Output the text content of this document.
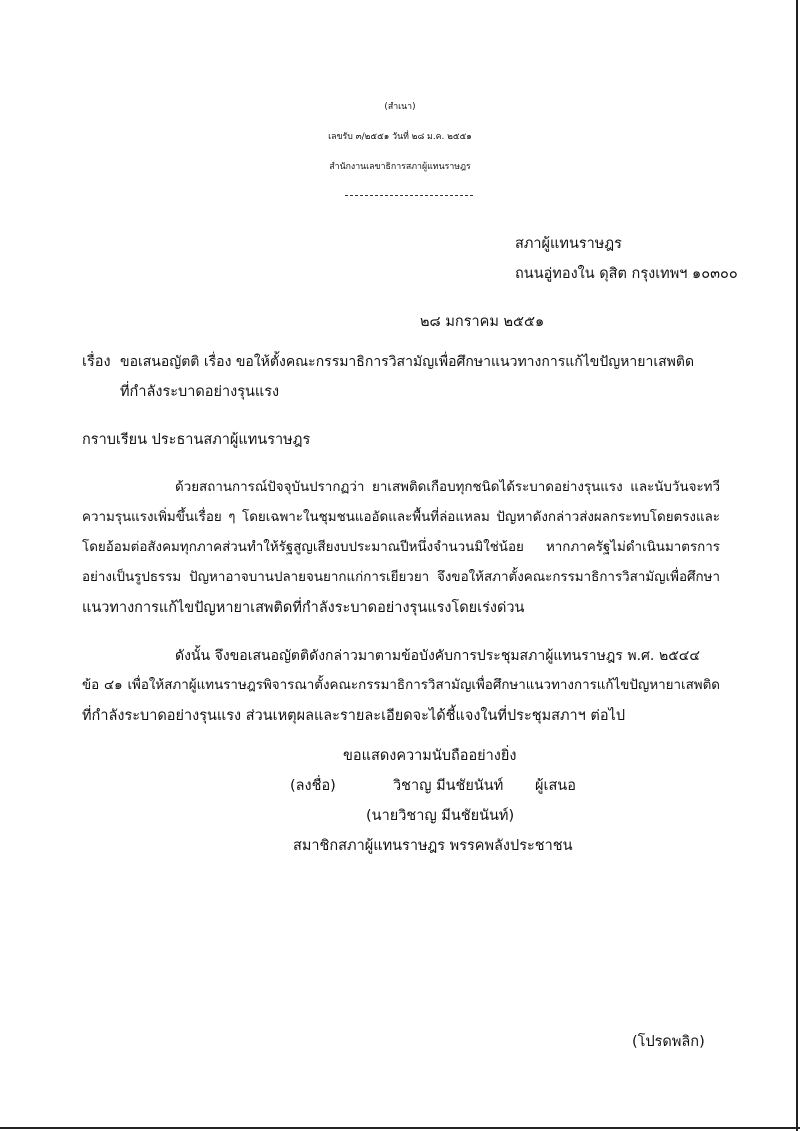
(สำเนา)
เลขรับ ๓/๒๕๕๑ วันที่ ๒๘ ม.ค. ๒๕๕๑
สำนักงานเลขาธิการสภาผู้แทนราษฎร
สภาผู้แทนราษฎร
ถนนอู่ทองใน ดุสิต กรุงเทพฯ ๑๐๓๐๐
๒๘ มกราคม ๒๕๕๑
เรื่อง ขอเสนอญัตติ เรื่อง ขอให้ตั้งคณะกรรมาธิการวิสามัญเพื่อศึกษาแนวทางการแก้ไขปัญหายาเสพติด
ที่กำลังระบาดอย่างรุนแรง
กราบเรียน ประธานสภาผู้แทนราษฎร
ด้วยสถานการณ์ปัจจุบันปรากฏว่า ยาเสพติดเกือบทุกชนิดได้ระบาดอย่างรุนแรง และนับวันจะทวี
ความรุนแรงเพิ่มขึ้นเรื่อย ๆ โดยเฉพาะในชุมชนแออัดและพื้นที่ล่อแหลม ปัญหาดังกล่าวส่งผลกระทบโดยตรงและ
โดยอ้อมต่อสังคมทุกภาคส่วนทำให้รัฐสูญเสียงบประมาณปีหนึ่งจำนวนมิใช่น้อย หากภาครัฐไม่ดำเนินมาตรการ
อย่างเป็นรูปธรรม ปัญหาอาจบานปลายจนยากแก่การเยียวยา จึงขอให้สภาตั้งคณะกรรมาธิการวิสามัญเพื่อศึกษา
แนวทางการแก้ไขปัญหายาเสพติดที่กำลังระบาดอย่างรุนแรงโดยเร่งด่วน
ดังนั้น จึงขอเสนอญัตติดังกล่าวมาตามข้อบังคับการประชุมสภาผู้แทนราษฎร พ.ศ. ๒๕๔๔
ข้อ ๔๑ เพื่อให้สภาผู้แทนราษฎรพิจารณาตั้งคณะกรรมาธิการวิสามัญเพื่อศึกษาแนวทางการแก้ไขปัญหายาเสพติด
ที่กำลังระบาดอย่างรุนแรง ส่วนเหตุผลและรายละเอียดจะได้ชี้แจงในที่ประชุมสภาฯ ต่อไป
ขอแสดงความนับถืออย่างยิ่ง
(ลงชื่อ)	วิชาญ มีนชัยนันท์ ผู้เสนอ
(นายวิชาญ มีนชัยนันท์)
สมาชิกสภาผู้แทนราษฎร พรรคพลังประชาชน
(โปรดพลิก)
